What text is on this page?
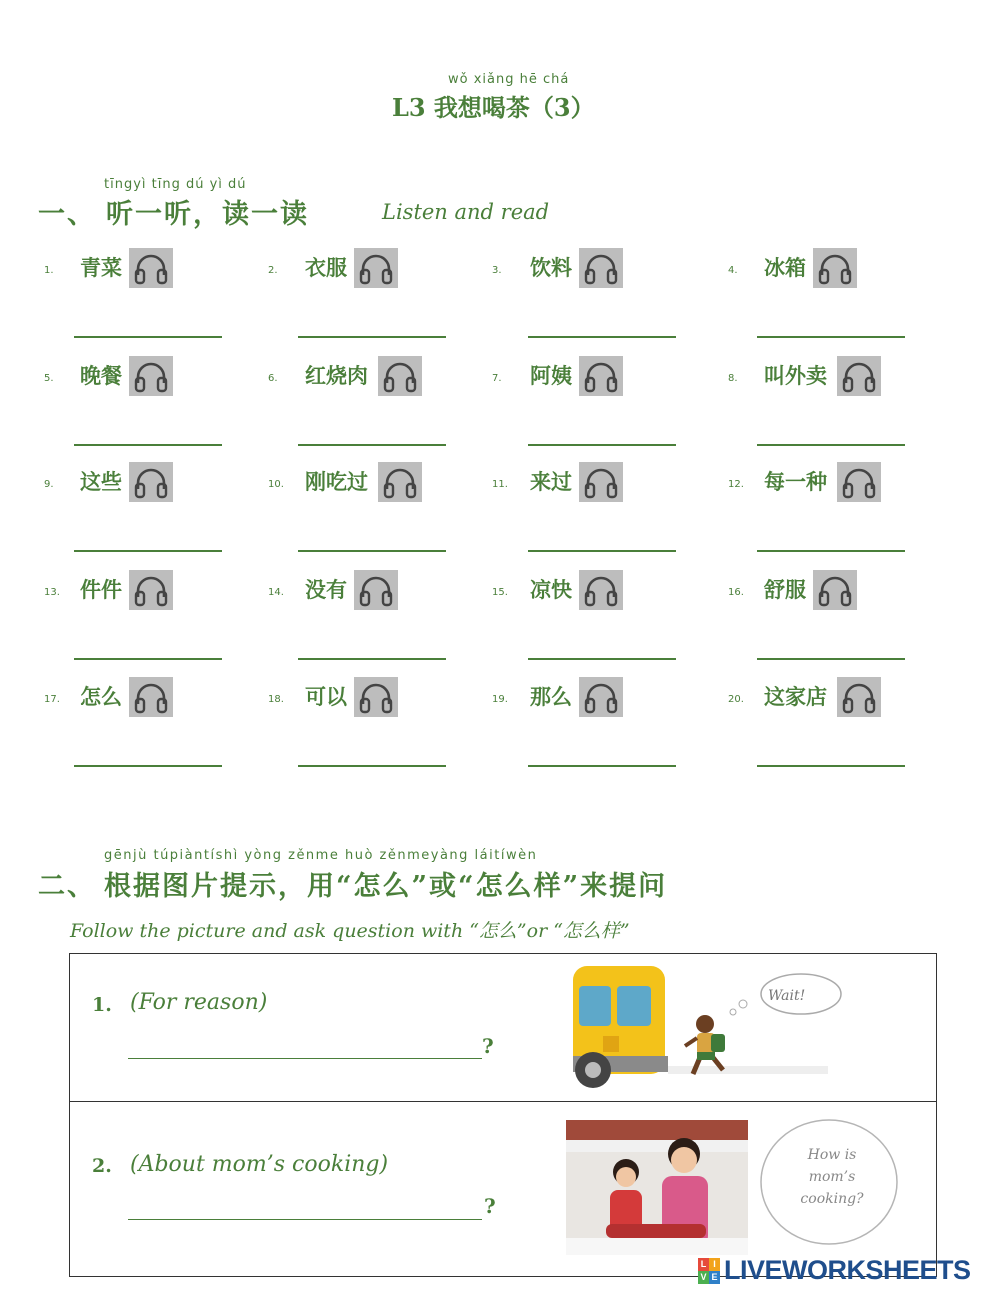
wǒ xiǎng hē chá
L3 我想喝茶（3）
tīngyì tīng dú yì dú
一、 听一听，读一读	Listen and read
1. 青菜	2. 衣服	3. 饮料	4. 冰箱
5. 晚餐	6. 红烧肉	7. 阿姨	8. 叫外卖
9. 这些	10. 刚吃过	11. 来过	12. 每一种
13. 件件	14. 没有	15. 凉快	16. 舒服
17. 怎么	18. 可以	19. 那么	20. 这家店
gēnjù túpiàntíshì yòng zěnme huò zěnmeyàng láitíwèn
二、 根据图片提示，用“怎么”或“怎么样”来提问
Follow the picture and ask question with “怎么”or “怎么样”
1. (For reason)
?
Wait!
2. (About mom’s cooking)
?
How is
mom’s
cooking?
L I
V E LIVEWORKSHEETS
